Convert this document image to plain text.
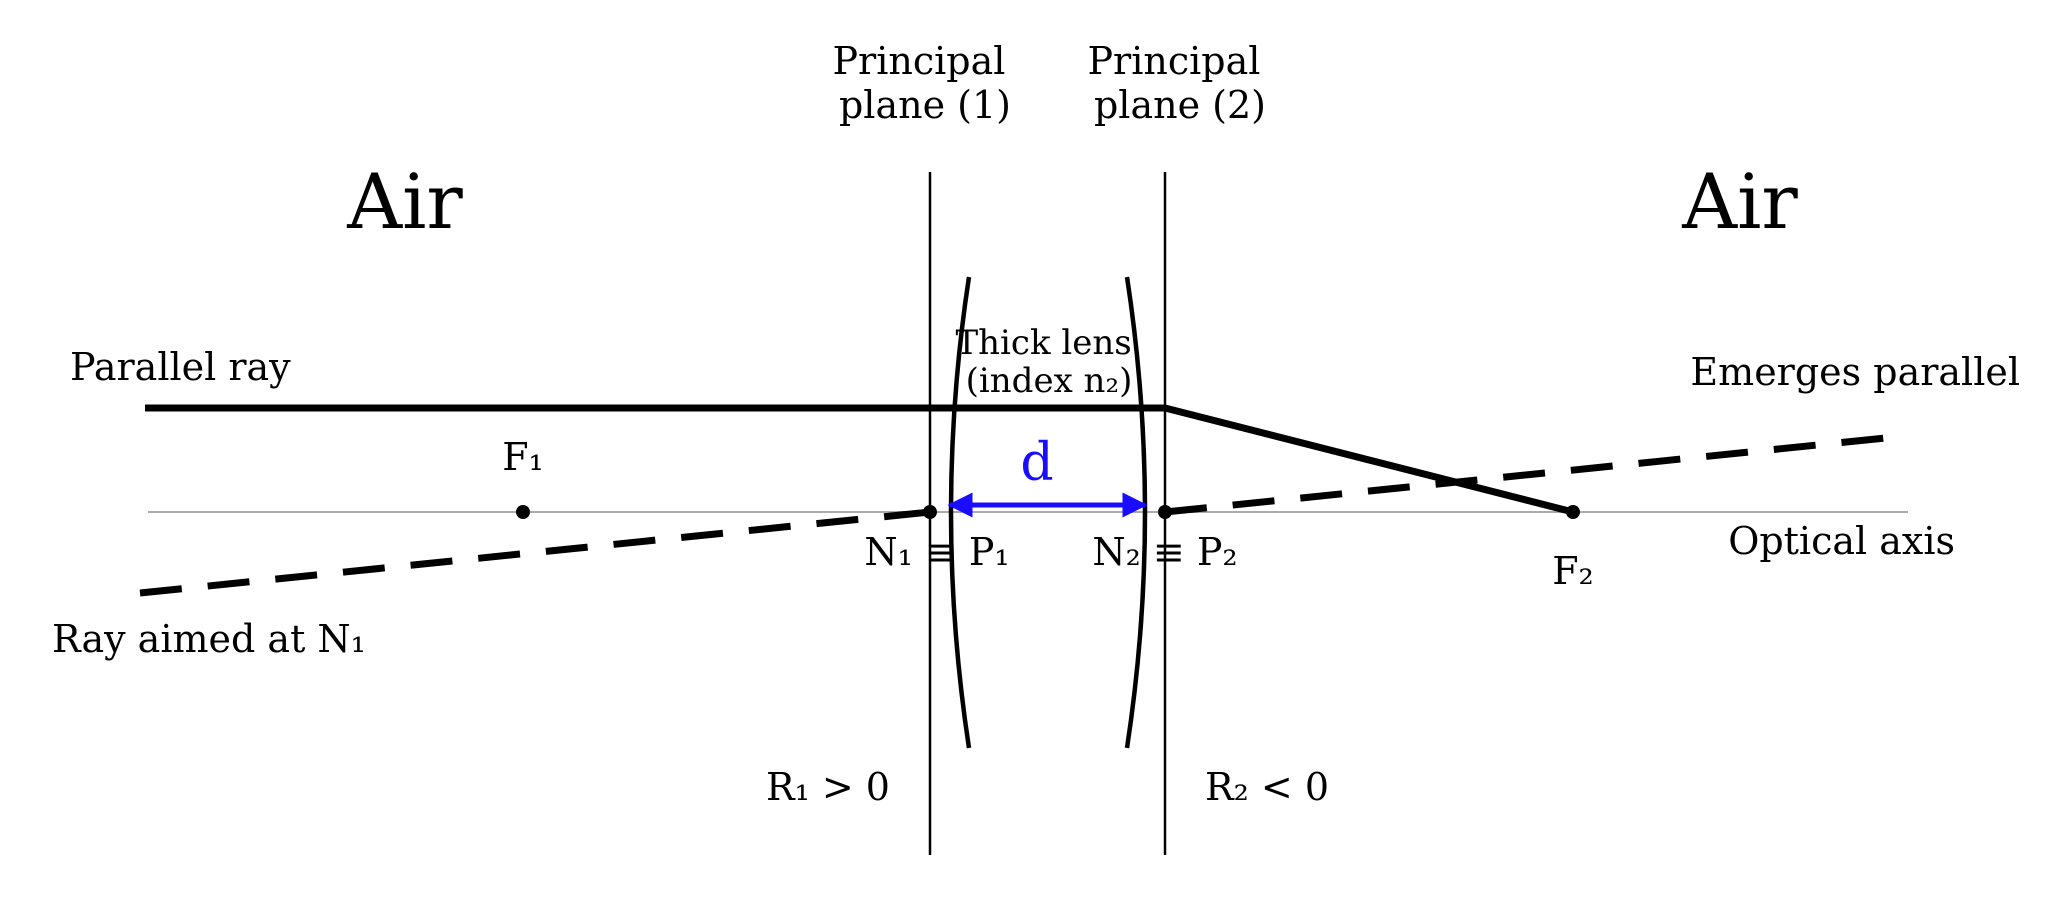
Principal plane (1)
Principal plane (2)
Air	Air
Thick lens (index n₂)
d
Parallel ray	Emerges parallel
Ray aimed at N₁
F₁
F₂
N₁ ≡ P₁ N₂ ≡ P₂	Optical axis
R₁ > 0	R₂ < 0
